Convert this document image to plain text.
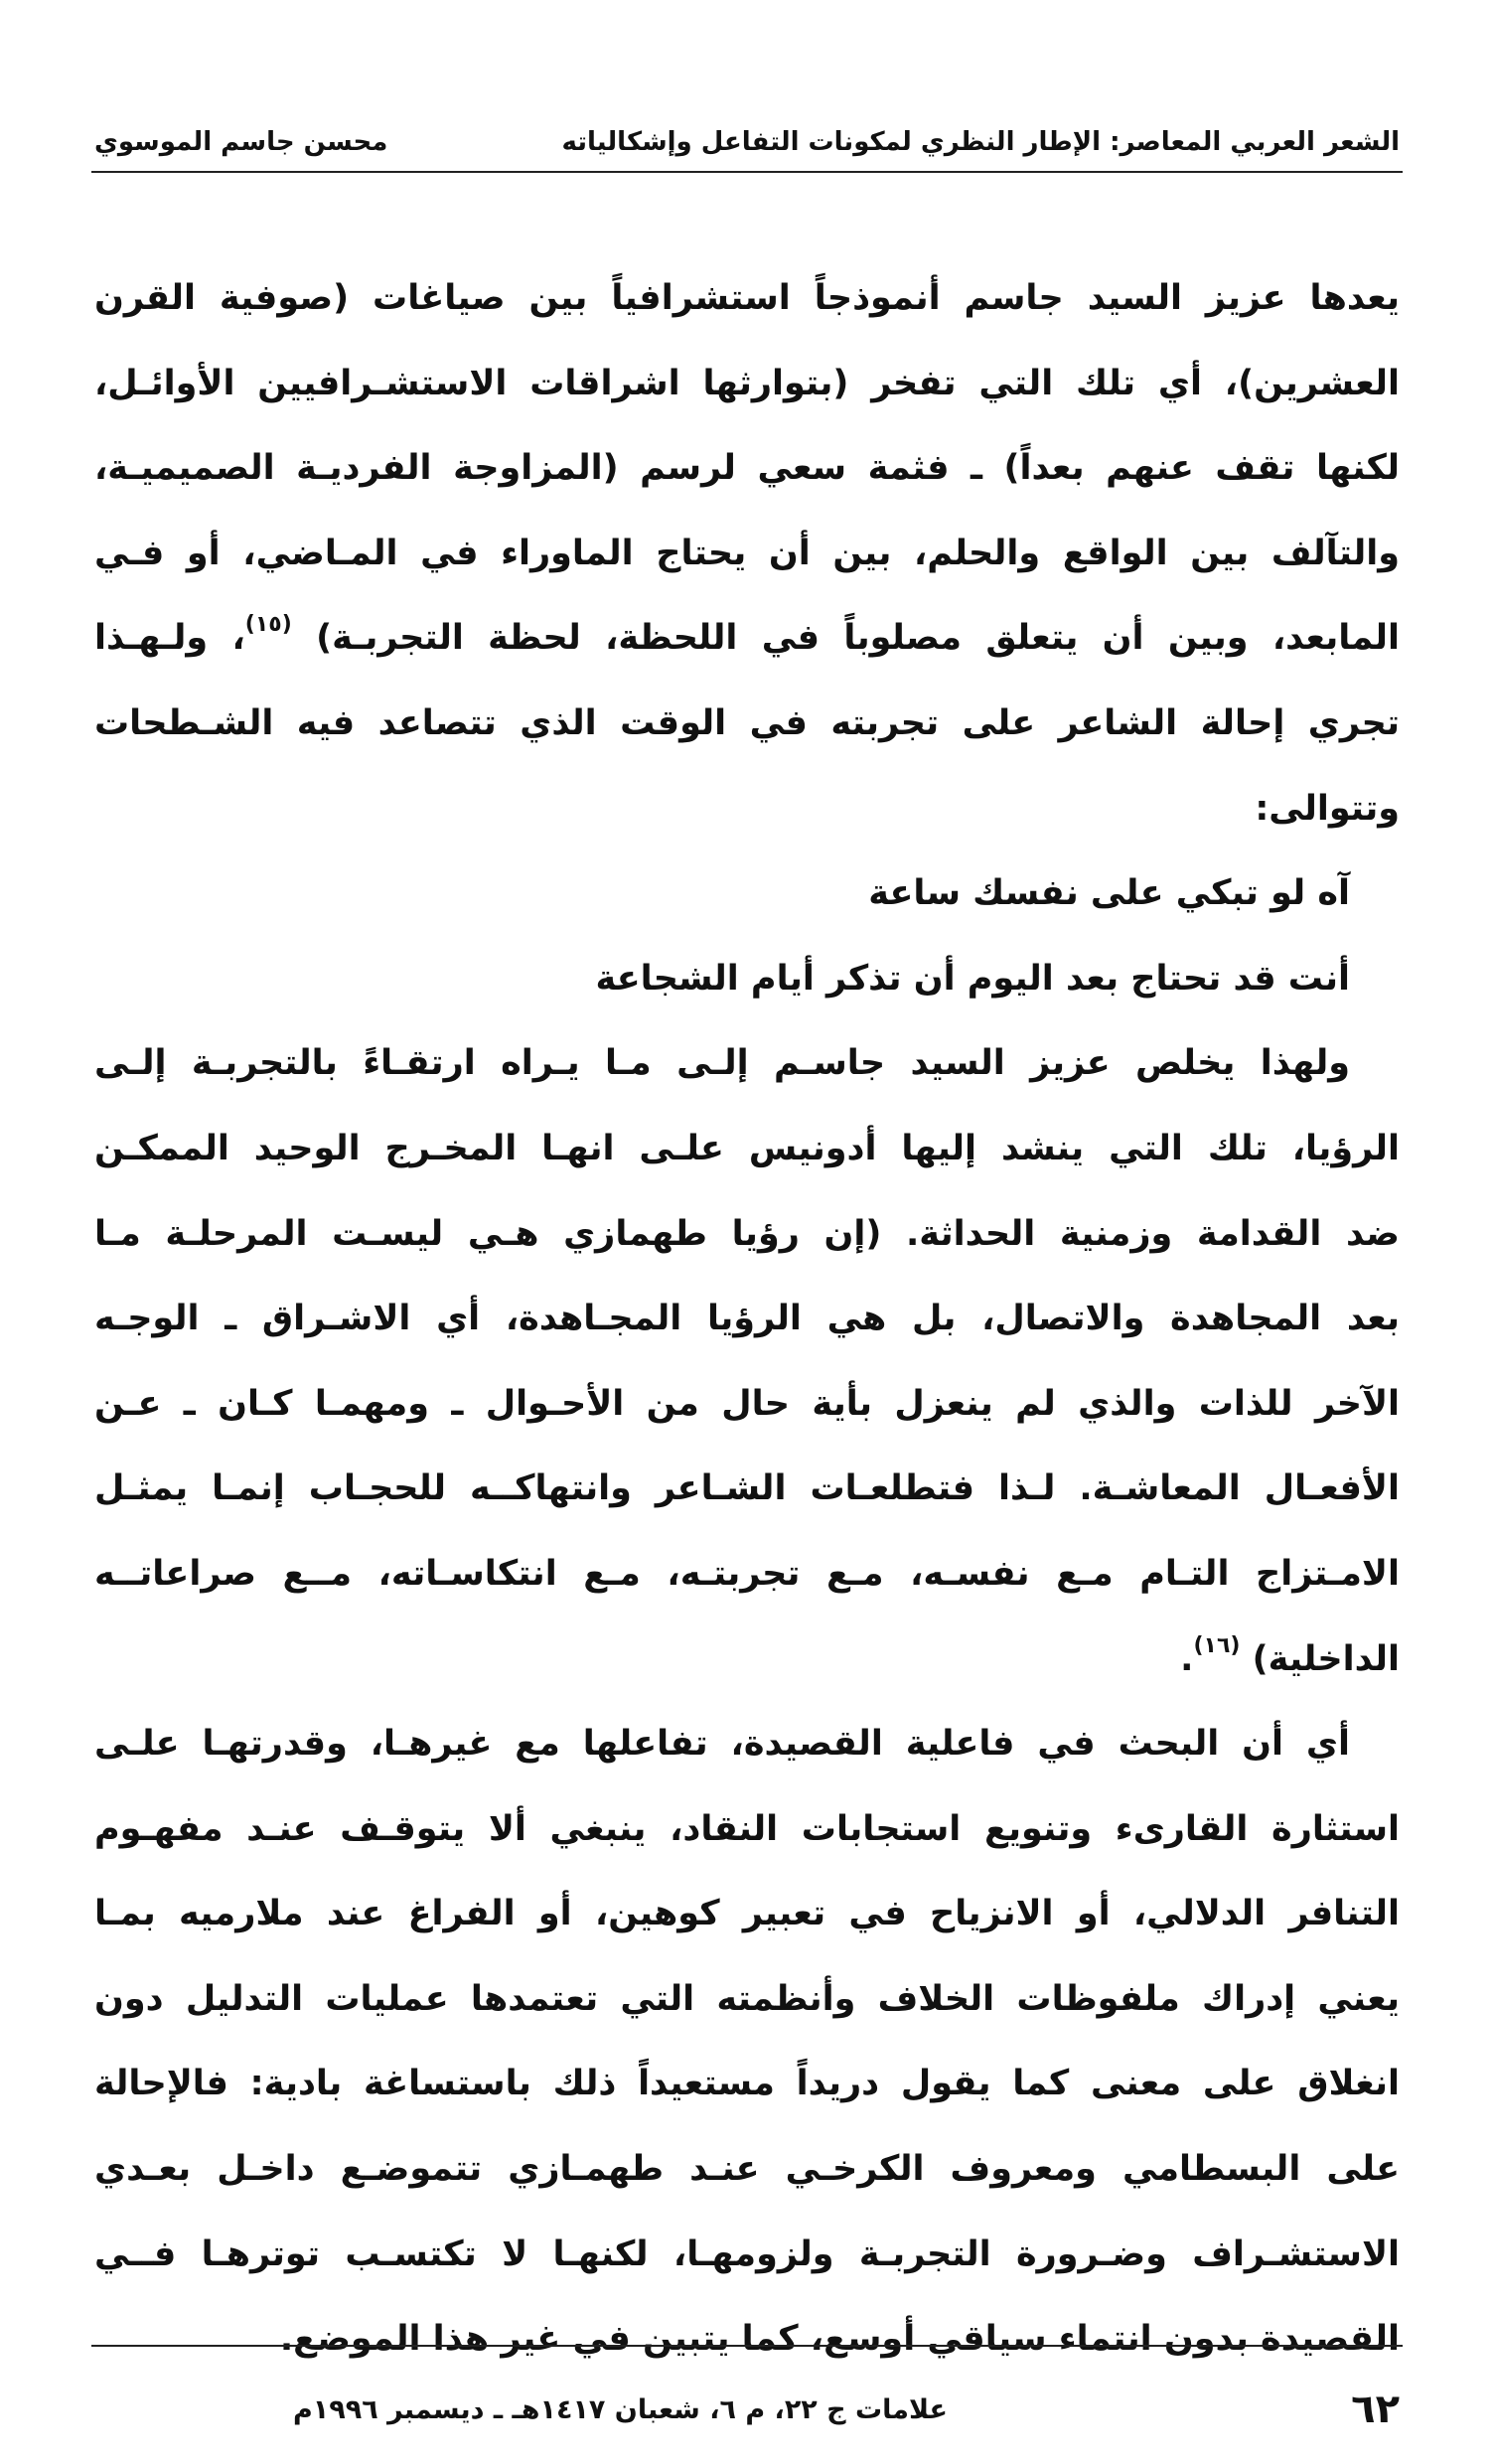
الشعر العربي المعاصر: الإطار النظري لمكونات التفاعل وإشكالياته
محسن جاسم الموسوي
يعدها عزيز السيد جاسم أنموذجاً استشرافياً بين صياغات (صوفية القرن
العشرين)، أي تلك التي تفخر (بتوارثها اشراقات الاستشـرافيين الأوائـل،
لكنها تقف عنهم بعداً) ـ فثمة سعي لرسم (المزاوجة الفرديـة الصميميـة،
والتآلف بين الواقع والحلم، بين أن يحتاج الماوراء في المـاضي، أو فـي
المابعد، وبين أن يتعلق مصلوباً في اللحظة، لحظة التجربـة) $^{(١٥)}$، ولـهـذا
تجري إحالة الشاعر على تجربته في الوقت الذي تتصاعد فيه الشـطحات
وتتوالى:
آه لو تبكي على نفسك ساعة
أنت قد تحتاج بعد اليوم أن تذكر أيام الشجاعة
ولهذا يخلص عزيز السيد جاسـم إلـى مـا يـراه ارتقـاءً بالتجربـة إلـى
الرؤيا، تلك التي ينشد إليها أدونيس علـى انهـا المخـرج الوحيد الممكـن
ضد القدامة وزمنية الحداثة. (إن رؤيا طهمازي هـي ليسـت المرحلـة مـا
بعد المجاهدة والاتصال، بل هي الرؤيا المجـاهدة، أي الاشـراق ـ الوجـه
الآخر للذات والذي لم ينعزل بأية حال من الأحـوال ـ ومهمـا كـان ـ عـن
الأفعـال المعاشـة. لـذا فتطلعـات الشـاعر وانتهاكــه للحجـاب إنمـا يمثـل
الامـتزاج التـام مـع نفسـه، مـع تجربتـه، مـع انتكاسـاته، مــع صراعاتــه
الداخلية) $^{(١٦)}$.
أي أن البحث في فاعلية القصيدة، تفاعلها مع غيرهـا، وقدرتهـا علـى
استثارة القارىء وتنويع استجابات النقاد، ينبغي ألا يتوقـف عنـد مفهـوم
التنافر الدلالي، أو الانزياح في تعبير كوهين، أو الفراغ عند ملارميه بمـا
يعني إدراك ملفوظات الخلاف وأنظمته التي تعتمدها عمليات التدليل دون
انغلاق على معنى كما يقول دريداً مستعيداً ذلك باستساغة بادية: فالإحالة
على البسطامي ومعروف الكرخـي عنـد طهمـازي تتموضـع داخـل بعـدي
الاستشـراف وضـرورة التجربـة ولزومهـا، لكنهـا لا تكتسـب توترهـا فــي
القصيدة بدون انتماء سياقي أوسع، كما يتبين في غير هذا الموضع.
٦٢
علامات ج ٢٢، م ٦، شعبان ١٤١٧هـ ـ ديسمبر ١٩٩٦م
